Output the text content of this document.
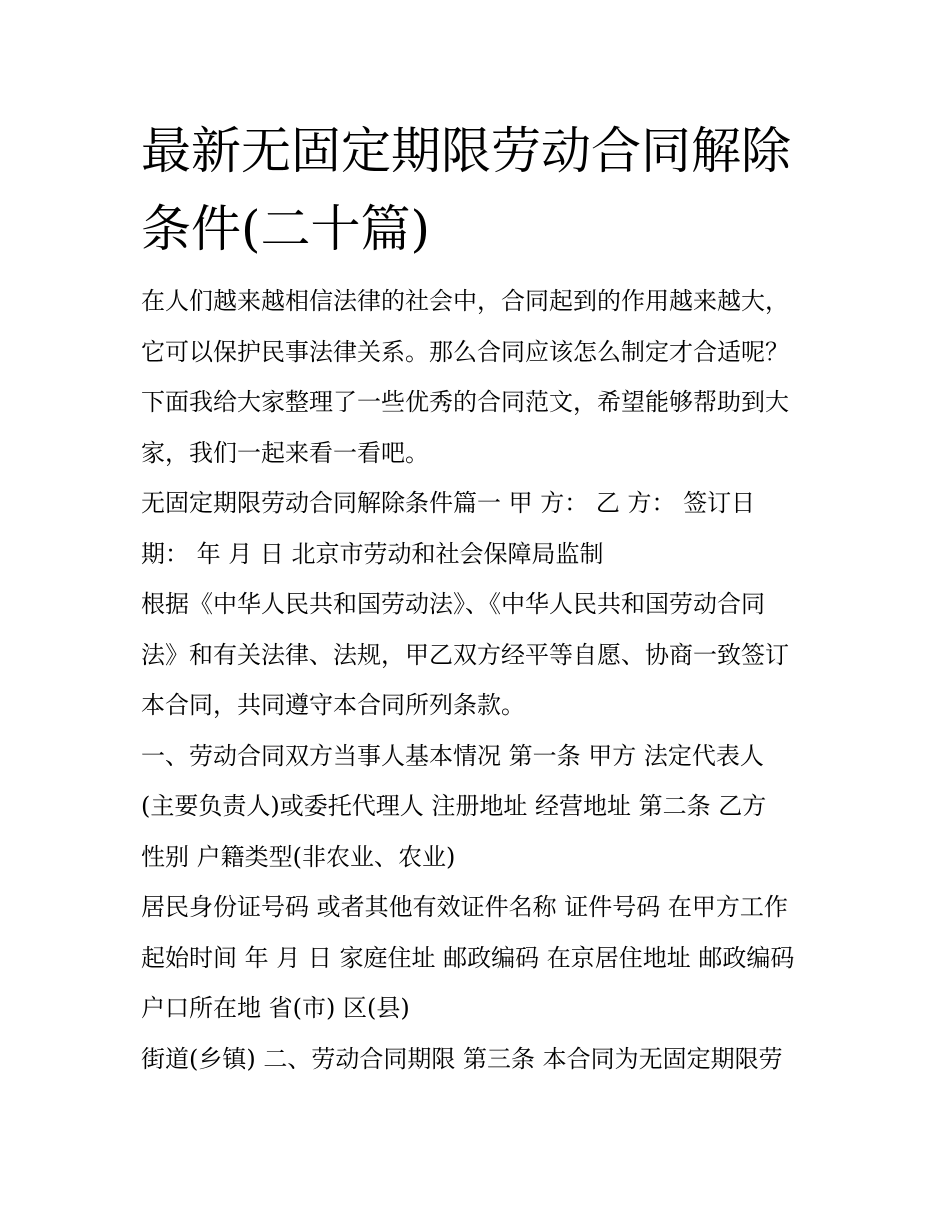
最新无固定期限劳动合同解除
条件(二十篇)

在人们越来越相信法律的社会中，合同起到的作用越来越大，
它可以保护民事法律关系。那么合同应该怎么制定才合适呢？
下面我给大家整理了一些优秀的合同范文，希望能够帮助到大
家，我们一起来看一看吧。

无固定期限劳动合同解除条件篇一 甲 方： 乙 方： 签订日
期： 年 月 日 北京市劳动和社会保障局监制

根据《中华人民共和国劳动法》、《中华人民共和国劳动合同
法》和有关法律、法规，甲乙双方经平等自愿、协商一致签订
本合同，共同遵守本合同所列条款。

一、劳动合同双方当事人基本情况 第一条 甲方 法定代表人
(主要负责人)或委托代理人 注册地址 经营地址 第二条 乙方
性别 户籍类型(非农业、农业)

居民身份证号码 或者其他有效证件名称 证件号码 在甲方工作
起始时间 年 月 日 家庭住址 邮政编码 在京居住地址 邮政编码
户口所在地 省(市) 区(县)

街道(乡镇) 二、劳动合同期限 第三条 本合同为无固定期限劳
